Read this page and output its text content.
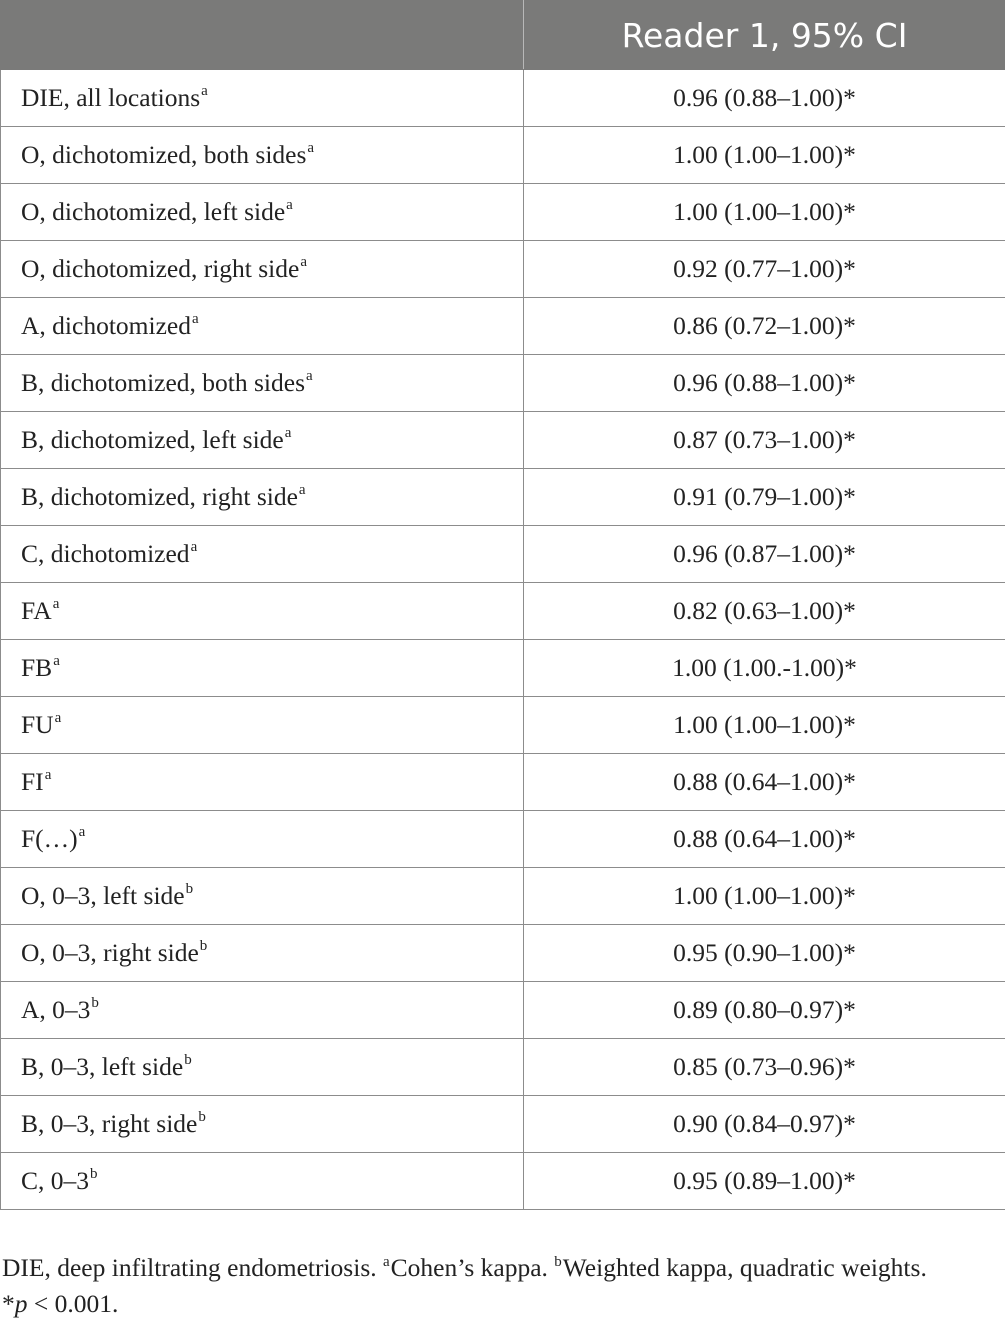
	Reader 1, 95% CI
DIE, all locations$^a$	0.96 (0.88–1.00)*
O, dichotomized, both sides$^a$	1.00 (1.00–1.00)*
O, dichotomized, left side$^a$	1.00 (1.00–1.00)*
O, dichotomized, right side$^a$	0.92 (0.77–1.00)*
A, dichotomized$^a$	0.86 (0.72–1.00)*
B, dichotomized, both sides$^a$	0.96 (0.88–1.00)*
B, dichotomized, left side$^a$	0.87 (0.73–1.00)*
B, dichotomized, right side$^a$	0.91 (0.79–1.00)*
C, dichotomized$^a$	0.96 (0.87–1.00)*
$FA^a$	0.82 (0.63–1.00)*
$FB^a$	1.00 (1.00.-1.00)*
$FU^a$	1.00 (1.00–1.00)*
$FI^a$	0.88 (0.64–1.00)*
F(…)$^a$	0.88 (0.64–1.00)*
O, 0–3, left side$^b$	1.00 (1.00–1.00)*
O, 0–3, right side$^b$	0.95 (0.90–1.00)*
A, 0–3$^b$	0.89 (0.80–0.97)*
B, 0–3, left side$^b$	0.85 (0.73–0.96)*
B, 0–3, right side$^b$	0.90 (0.84–0.97)*
C, 0–3$^b$	0.95 (0.89–1.00)*
DIE, deep infiltrating endometriosis. $^a$Cohen’s kappa. $^b$Weighted kappa, quadratic weights.
*p < 0.001.
